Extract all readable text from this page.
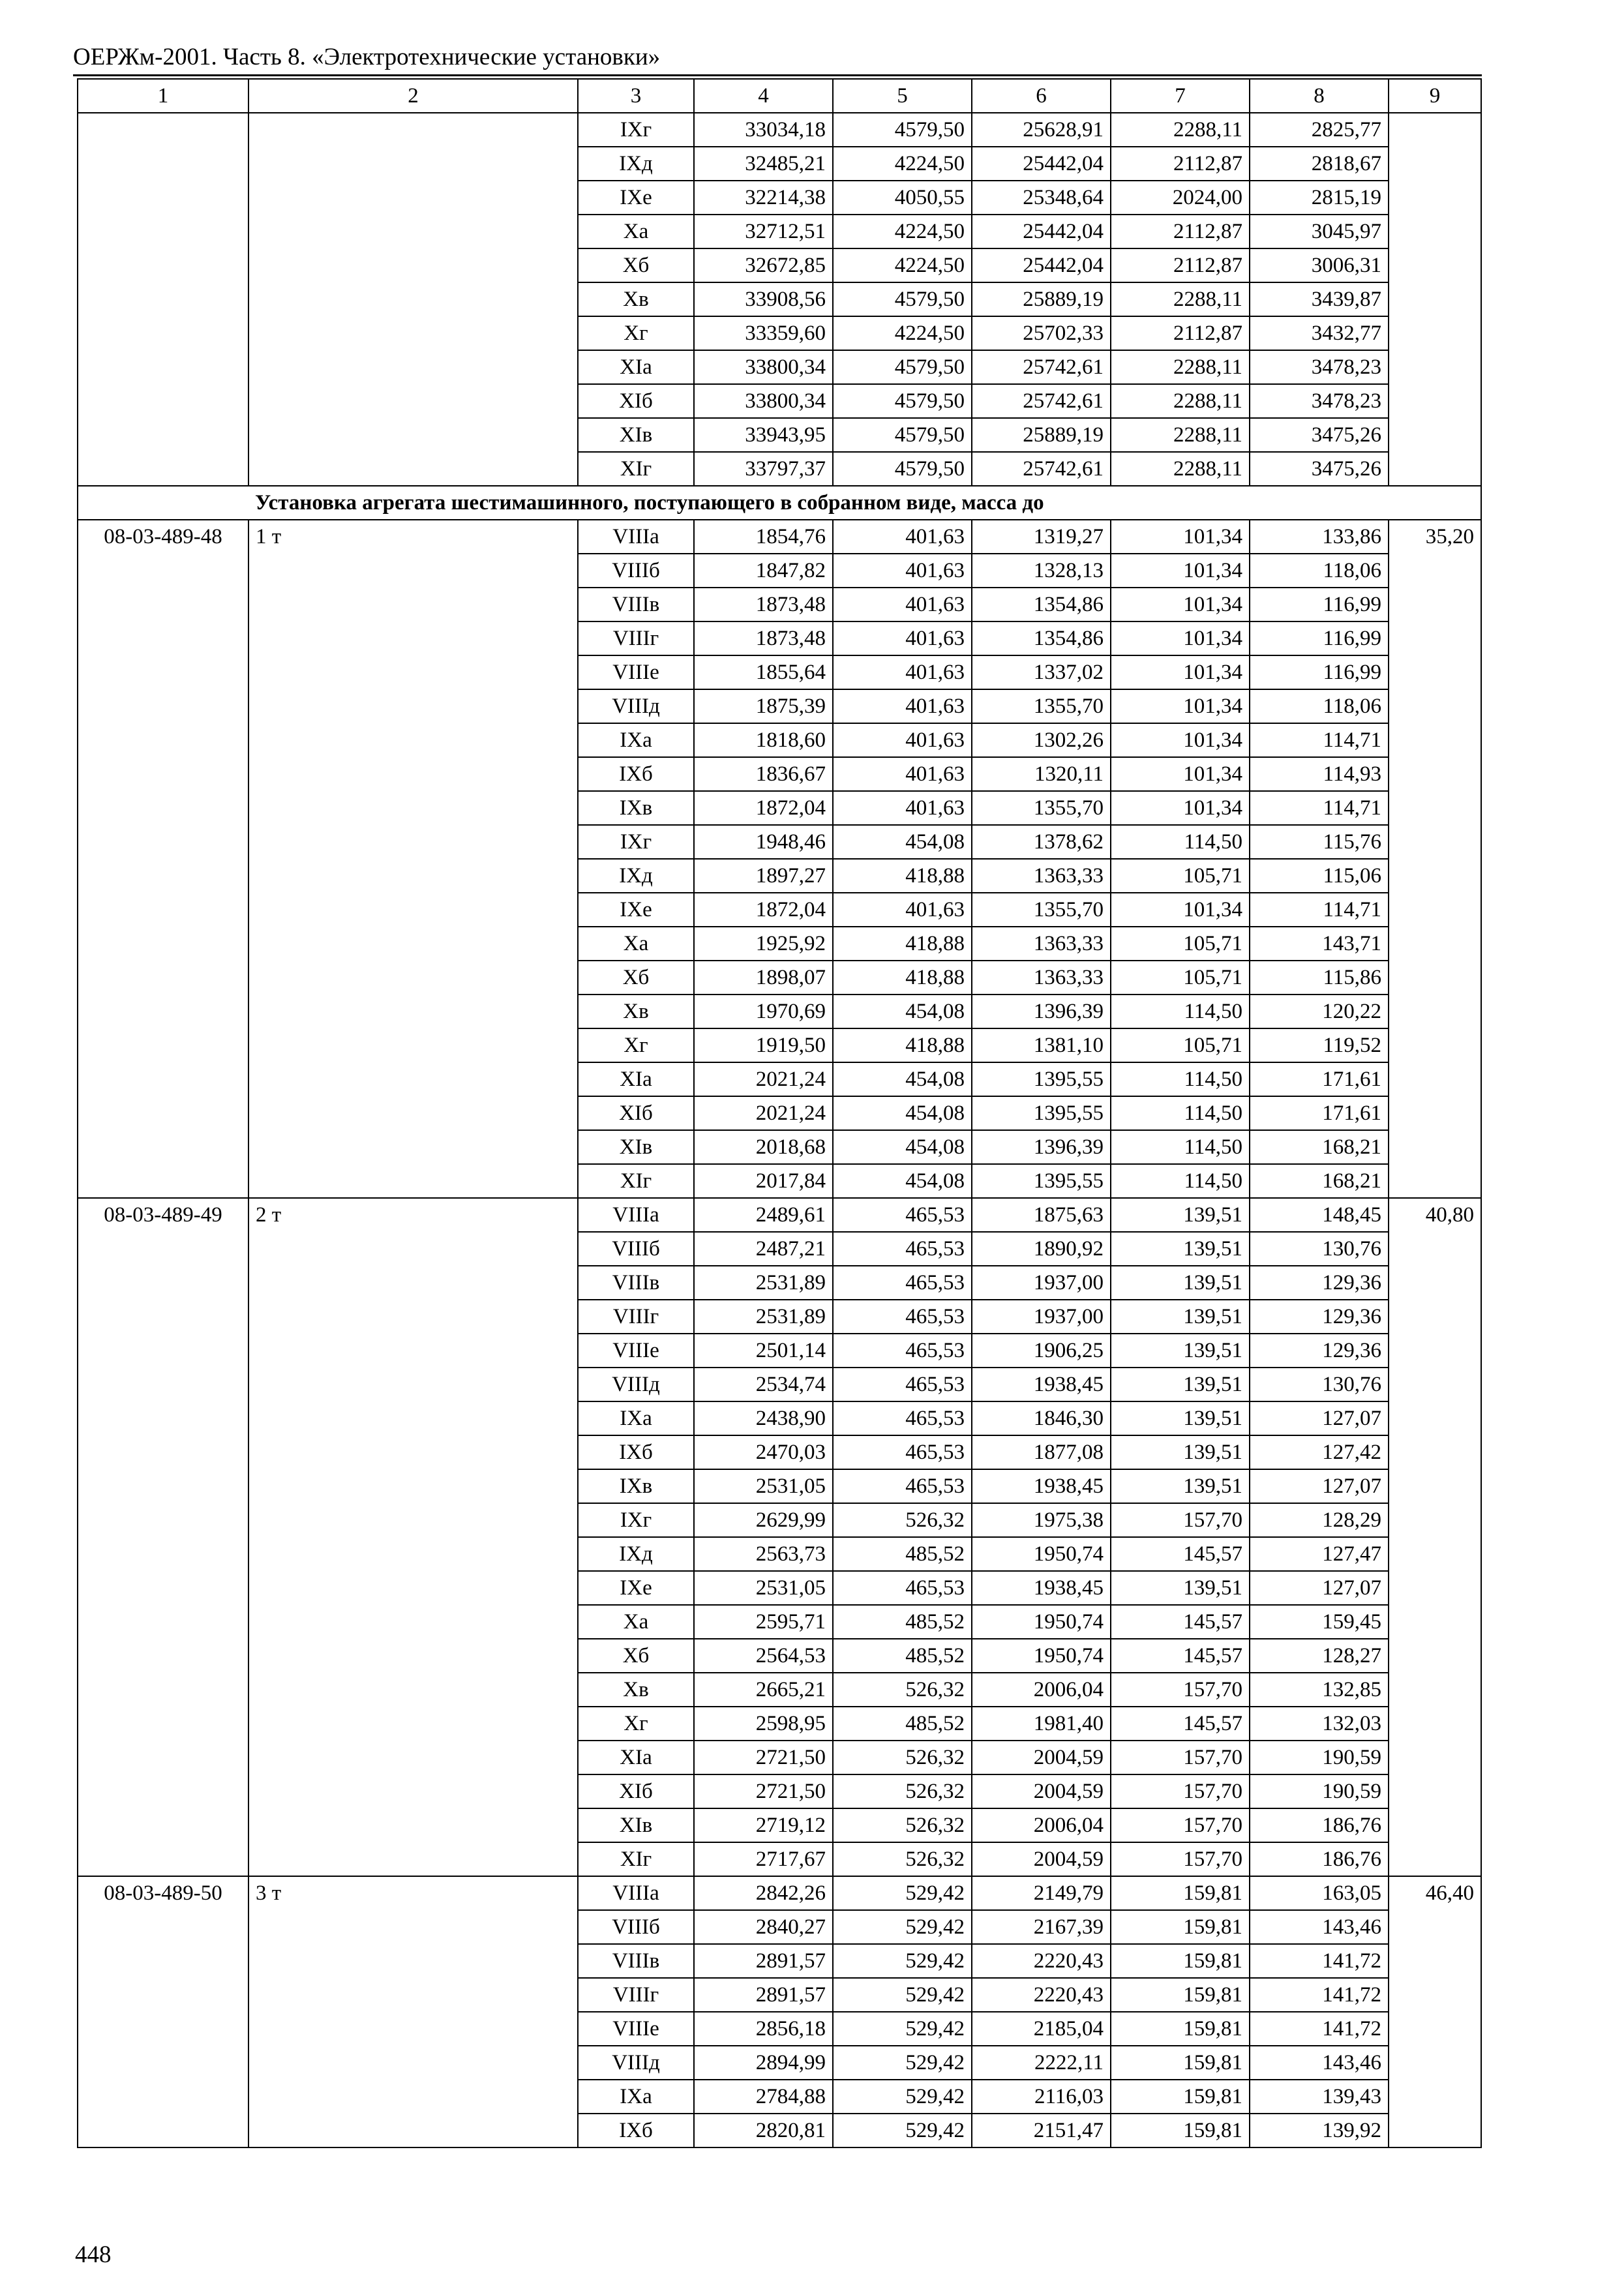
ОЕРЖм-2001. Часть 8. «Электротехнические установки»
1	2	3	4	5	6	7	8	9
		IXг	33034,18	4579,50	25628,91	2288,11	2825,77	
		IXд	32485,21	4224,50	25442,04	2112,87	2818,67	
		IXе	32214,38	4050,55	25348,64	2024,00	2815,19	
		Xа	32712,51	4224,50	25442,04	2112,87	3045,97	
		Xб	32672,85	4224,50	25442,04	2112,87	3006,31	
		Xв	33908,56	4579,50	25889,19	2288,11	3439,87	
		Xг	33359,60	4224,50	25702,33	2112,87	3432,77	
		XIа	33800,34	4579,50	25742,61	2288,11	3478,23	
		XIб	33800,34	4579,50	25742,61	2288,11	3478,23	
		XIв	33943,95	4579,50	25889,19	2288,11	3475,26	
		XIг	33797,37	4579,50	25742,61	2288,11	3475,26	
	Установка агрегата шестимашинного, поступающего в собранном виде, масса до							
08-03-489-48	1 т	VIIIа	1854,76	401,63	1319,27	101,34	133,86	35,20
		VIIIб	1847,82	401,63	1328,13	101,34	118,06	
		VIIIв	1873,48	401,63	1354,86	101,34	116,99	
		VIIIг	1873,48	401,63	1354,86	101,34	116,99	
		VIIIе	1855,64	401,63	1337,02	101,34	116,99	
		VIIIд	1875,39	401,63	1355,70	101,34	118,06	
		IXа	1818,60	401,63	1302,26	101,34	114,71	
		IXб	1836,67	401,63	1320,11	101,34	114,93	
		IXв	1872,04	401,63	1355,70	101,34	114,71	
		IXг	1948,46	454,08	1378,62	114,50	115,76	
		IXд	1897,27	418,88	1363,33	105,71	115,06	
		IXе	1872,04	401,63	1355,70	101,34	114,71	
		Xа	1925,92	418,88	1363,33	105,71	143,71	
		Xб	1898,07	418,88	1363,33	105,71	115,86	
		Xв	1970,69	454,08	1396,39	114,50	120,22	
		Xг	1919,50	418,88	1381,10	105,71	119,52	
		XIа	2021,24	454,08	1395,55	114,50	171,61	
		XIб	2021,24	454,08	1395,55	114,50	171,61	
		XIв	2018,68	454,08	1396,39	114,50	168,21	
		XIг	2017,84	454,08	1395,55	114,50	168,21	
08-03-489-49	2 т	VIIIа	2489,61	465,53	1875,63	139,51	148,45	40,80
		VIIIб	2487,21	465,53	1890,92	139,51	130,76	
		VIIIв	2531,89	465,53	1937,00	139,51	129,36	
		VIIIг	2531,89	465,53	1937,00	139,51	129,36	
		VIIIе	2501,14	465,53	1906,25	139,51	129,36	
		VIIIд	2534,74	465,53	1938,45	139,51	130,76	
		IXа	2438,90	465,53	1846,30	139,51	127,07	
		IXб	2470,03	465,53	1877,08	139,51	127,42	
		IXв	2531,05	465,53	1938,45	139,51	127,07	
		IXг	2629,99	526,32	1975,38	157,70	128,29	
		IXд	2563,73	485,52	1950,74	145,57	127,47	
		IXе	2531,05	465,53	1938,45	139,51	127,07	
		Xа	2595,71	485,52	1950,74	145,57	159,45	
		Xб	2564,53	485,52	1950,74	145,57	128,27	
		Xв	2665,21	526,32	2006,04	157,70	132,85	
		Xг	2598,95	485,52	1981,40	145,57	132,03	
		XIа	2721,50	526,32	2004,59	157,70	190,59	
		XIб	2721,50	526,32	2004,59	157,70	190,59	
		XIв	2719,12	526,32	2006,04	157,70	186,76	
		XIг	2717,67	526,32	2004,59	157,70	186,76	
08-03-489-50	3 т	VIIIа	2842,26	529,42	2149,79	159,81	163,05	46,40
		VIIIб	2840,27	529,42	2167,39	159,81	143,46	
		VIIIв	2891,57	529,42	2220,43	159,81	141,72	
		VIIIг	2891,57	529,42	2220,43	159,81	141,72	
		VIIIе	2856,18	529,42	2185,04	159,81	141,72	
		VIIIд	2894,99	529,42	2222,11	159,81	143,46	
		IXа	2784,88	529,42	2116,03	159,81	139,43	
		IXб	2820,81	529,42	2151,47	159,81	139,92	
448
